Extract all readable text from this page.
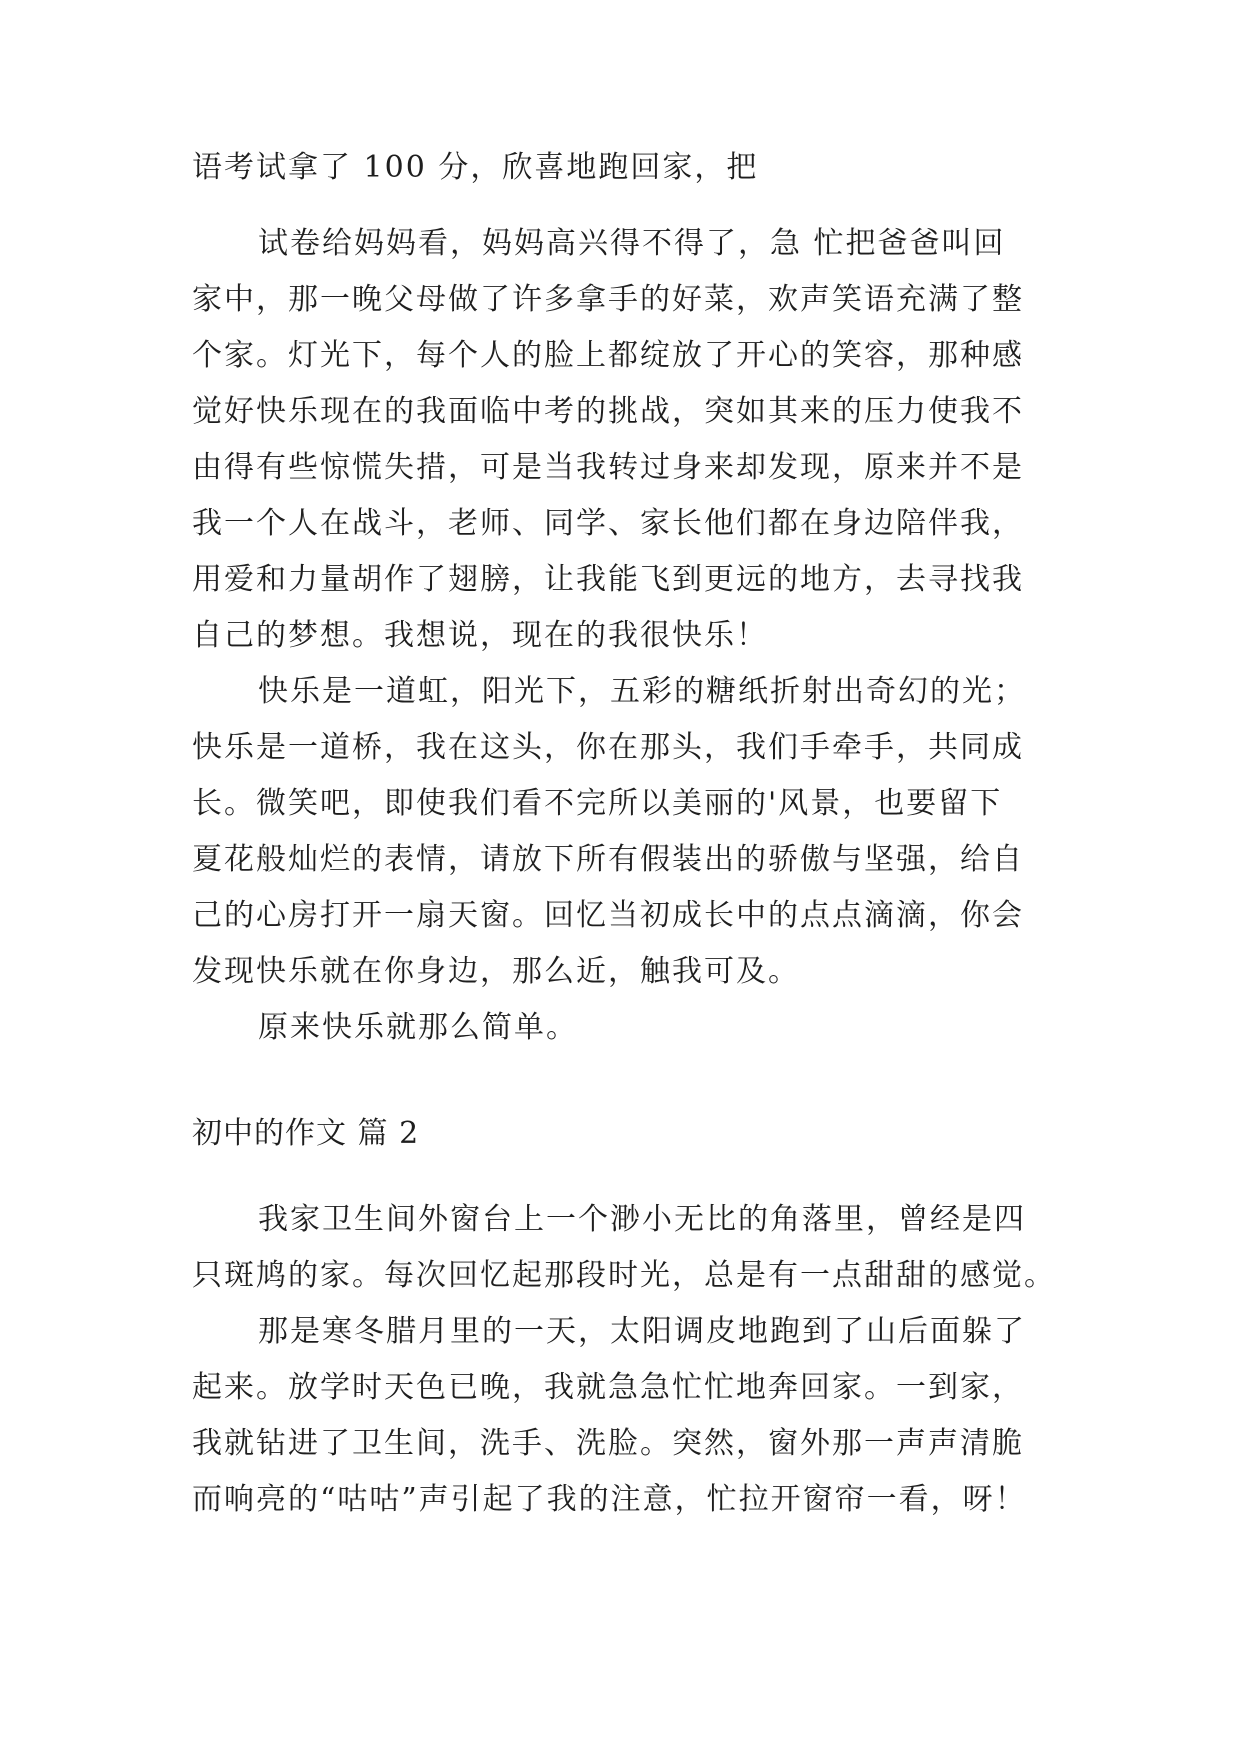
语考试拿了 100 分，欣喜地跑回家，把
试卷给妈妈看，妈妈高兴得不得了，急 忙把爸爸叫回
家中，那一晚父母做了许多拿手的好菜，欢声笑语充满了整
个家。灯光下，每个人的脸上都绽放了开心的笑容，那种感
觉好快乐现在的我面临中考的挑战，突如其来的压力使我不
由得有些惊慌失措，可是当我转过身来却发现，原来并不是
我一个人在战斗，老师、同学、家长他们都在身边陪伴我，
用爱和力量胡作了翅膀，让我能飞到更远的地方，去寻找我
自己的梦想。我想说，现在的我很快乐！
快乐是一道虹，阳光下，五彩的糖纸折射出奇幻的光；
快乐是一道桥，我在这头，你在那头，我们手牵手，共同成
长。微笑吧，即使我们看不完所以美丽的'风景，也要留下
夏花般灿烂的表情，请放下所有假装出的骄傲与坚强，给自
己的心房打开一扇天窗。回忆当初成长中的点点滴滴，你会
发现快乐就在你身边，那么近，触我可及。
原来快乐就那么简单。
初中的作文 篇 2
我家卫生间外窗台上一个渺小无比的角落里，曾经是四
只斑鸠的家。每次回忆起那段时光，总是有一点甜甜的感觉。
那是寒冬腊月里的一天，太阳调皮地跑到了山后面躲了
起来。放学时天色已晚，我就急急忙忙地奔回家。一到家，
我就钻进了卫生间，洗手、洗脸。突然，窗外那一声声清脆
而响亮的“咕咕”声引起了我的注意，忙拉开窗帘一看，呀！
